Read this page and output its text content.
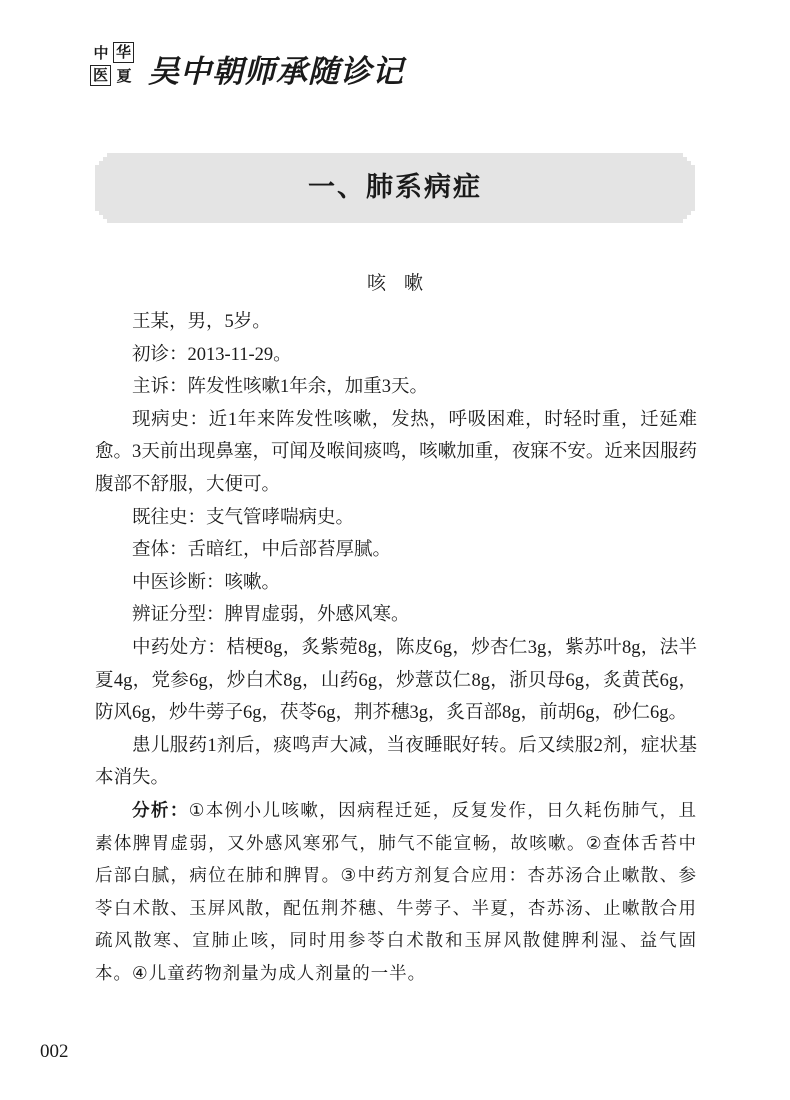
中 华
医 夏 吴中朝师承随诊记
一、肺系病症
咳嗽

王某，男，5岁。

初诊：2013-11-29。

主诉：阵发性咳嗽1年余，加重3天。

现病史：近1年来阵发性咳嗽，发热，呼吸困难，时轻时重，迁延难愈。3天前出现鼻塞，可闻及喉间痰鸣，咳嗽加重，夜寐不安。近来因服药腹部不舒服，大便可。

既往史：支气管哮喘病史。

查体：舌暗红，中后部苔厚腻。

中医诊断：咳嗽。

辨证分型：脾胃虚弱，外感风寒。

中药处方：桔梗8g，炙紫菀8g，陈皮6g，炒杏仁3g，紫苏叶8g，法半夏4g，党参6g，炒白术8g，山药6g，炒薏苡仁8g，浙贝母6g，炙黄芪6g，防风6g，炒牛蒡子6g，茯苓6g，荆芥穗3g，炙百部8g，前胡6g，砂仁6g。

患儿服药1剂后，痰鸣声大减，当夜睡眠好转。后又续服2剂，症状基本消失。

分析：①本例小儿咳嗽，因病程迁延，反复发作，日久耗伤肺气，且素体脾胃虚弱，又外感风寒邪气，肺气不能宣畅，故咳嗽。②查体舌苔中后部白腻，病位在肺和脾胃。③中药方剂复合应用：杏苏汤合止嗽散、参苓白术散、玉屏风散，配伍荆芥穗、牛蒡子、半夏，杏苏汤、止嗽散合用疏风散寒、宣肺止咳，同时用参苓白术散和玉屏风散健脾利湿、益气固本。④儿童药物剂量为成人剂量的一半。

002
